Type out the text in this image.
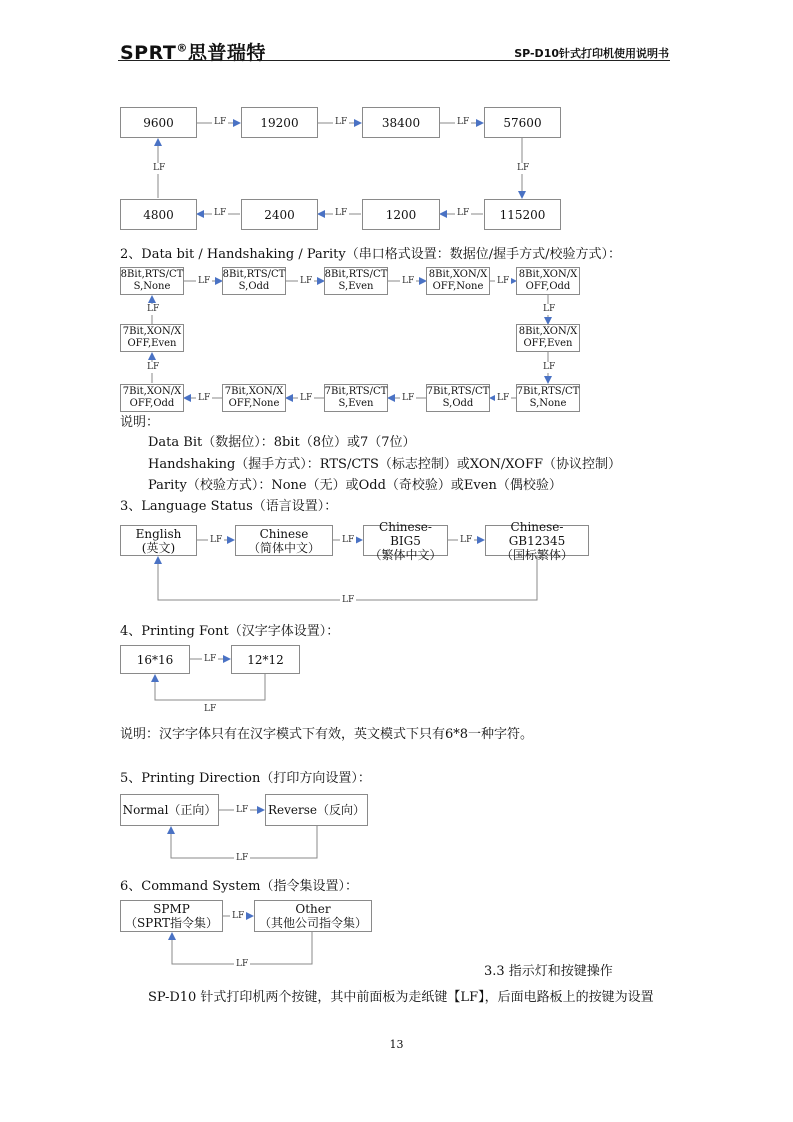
SPRT®思普瑞特	SP-D10针式打印机使用说明书
9600	19200	38400	57600
4800	2400	1200	115200
LF	LF	LF
LF
LF
LF	LF	LF
2、Data bit / Handshaking / Parity（串口格式设置：数据位/握手方式/校验方式）：
8Bit,RTS/CT
S,None
8Bit,RTS/CT
S,Odd
8Bit,RTS/CT
S,Even
8Bit,XON/X
OFF,None
8Bit,XON/X
OFF,Odd
7Bit,XON/X
OFF,Even
8Bit,XON/X
OFF,Even
7Bit,XON/X
OFF,Odd
7Bit,XON/X
OFF,None
7Bit,RTS/CT
S,Even
7Bit,RTS/CT
S,Odd
7Bit,RTS/CT
S,None
LF	LF	LF	LF
LF
LF
LF
LF
LF	LF	LF	LF
说明：
Data Bit（数据位）：8bit（8位）或7（7位）
Handshaking（握手方式）：RTS/CTS（标志控制）或XON/XOFF（协议控制）
Parity（校验方式）：None（无）或Odd（奇校验）或Even（偶校验）
3、Language Status（语言设置）：
English
(英文)
Chinese
（简体中文）
Chinese-BIG5
（繁体中文）
Chinese-GB12345
（国标繁体）
LF	LF	LF
LF
4、Printing Font（汉字字体设置）：
16*16	12*12
LF
LF
说明：汉字字体只有在汉字模式下有效，英文模式下只有6*8一种字符。
5、Printing Direction（打印方向设置）：
Normal（正向）	Reverse（反向）
LF
LF
6、Command System（指令集设置）：
SPMP
（SPRT指令集）
Other
（其他公司指令集）
LF
LF	3.3 指示灯和按键操作
SP-D10 针式打印机两个按键，其中前面板为走纸键【LF】，后面电路板上的按键为设置
13
